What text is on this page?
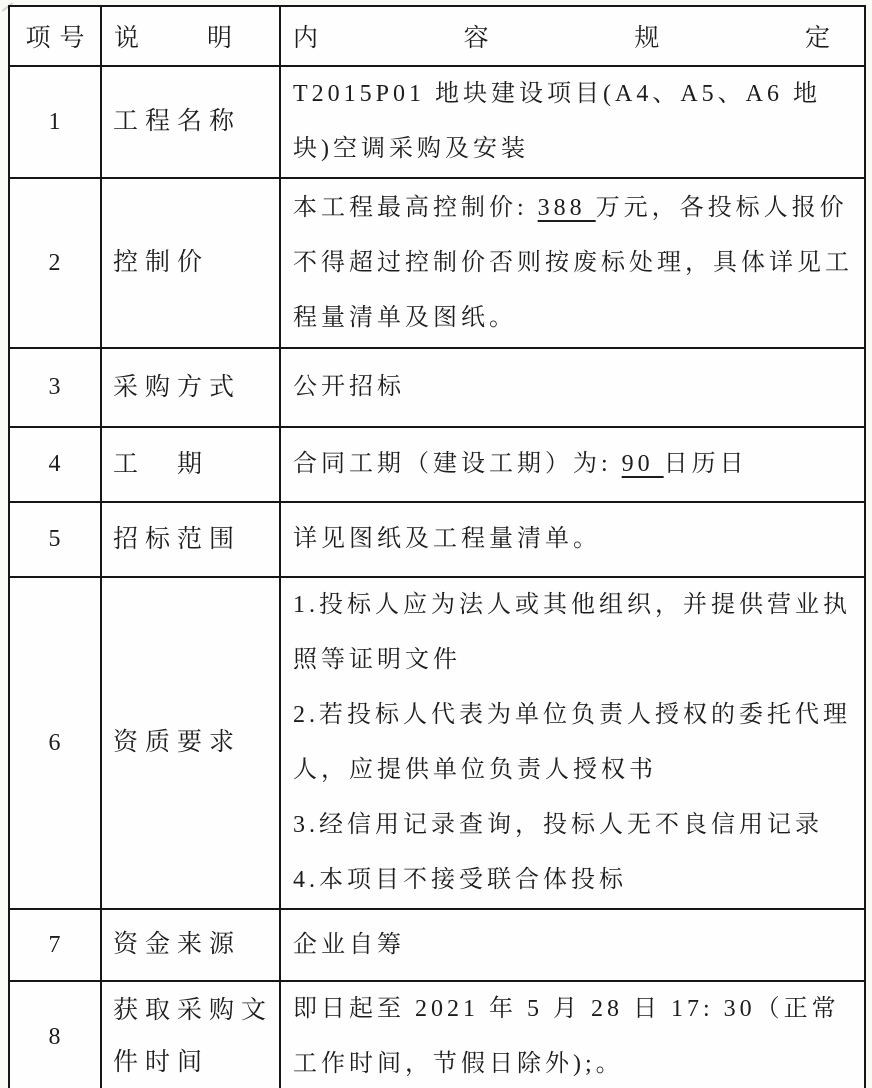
项号	说 明	内 容 规 定

1	工程名称	T2015P01 地块建设项目(A4、A5、A6 地块)空调采购及安装

2	控制价	本工程最高控制价: 388 万元，各投标人报价不得超过控制价否则按废标处理，具体详见工程量清单及图纸。

3	采购方式	公开招标

4	工　期	合同工期（建设工期）为: 90 日历日

5	招标范围	详见图纸及工程量清单。

6	资质要求	1.投标人应为法人或其他组织，并提供营业执照等证明文件

2.若投标人代表为单位负责人授权的委托代理人，应提供单位负责人授权书

3.经信用记录查询，投标人无不良信用记录

4.本项目不接受联合体投标

7	资金来源	企业自筹

8	获取采购文件时间	即日起至 2021 年 5 月 28 日 17: 30（正常工作时间，节假日除外);。
